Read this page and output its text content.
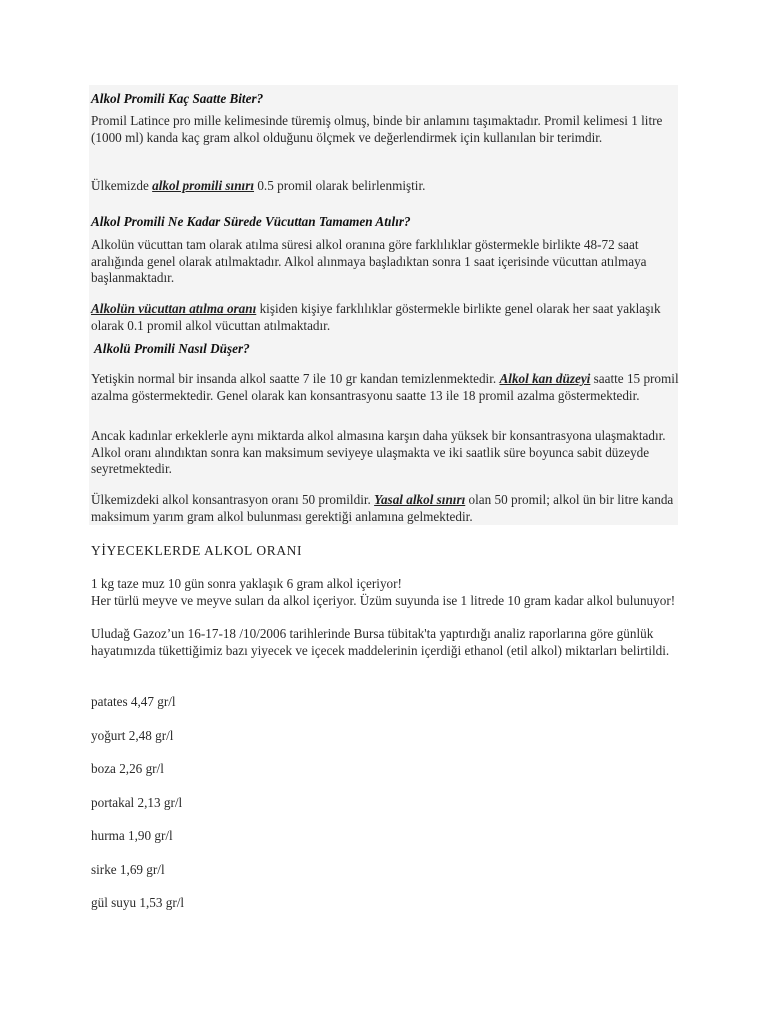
Alkol Promili Kaç Saatte Biter?

Promil Latince pro mille kelimesinde türemiş olmuş, binde bir anlamını taşımaktadır. Promil kelimesi 1 litre (1000 ml) kanda kaç gram alkol olduğunu ölçmek ve değerlendirmek için kullanılan bir terimdir.

Ülkemizde alkol promili sınırı 0.5 promil olarak belirlenmiştir.

Alkol Promili Ne Kadar Sürede Vücuttan Tamamen Atılır?

Alkolün vücuttan tam olarak atılma süresi alkol oranına göre farklılıklar göstermekle birlikte 48-72 saat aralığında genel olarak atılmaktadır. Alkol alınmaya başladıktan sonra 1 saat içerisinde vücuttan atılmaya başlanmaktadır.

Alkolün vücuttan atılma oranı kişiden kişiye farklılıklar göstermekle birlikte genel olarak her saat yaklaşık olarak 0.1 promil alkol vücuttan atılmaktadır.

Alkolü Promili Nasıl Düşer?

Yetişkin normal bir insanda alkol saatte 7 ile 10 gr kandan temizlenmektedir. Alkol kan düzeyi saatte 15 promil azalma göstermektedir. Genel olarak kan konsantrasyonu saatte 13 ile 18 promil azalma göstermektedir.

Ancak kadınlar erkeklerle aynı miktarda alkol almasına karşın daha yüksek bir konsantrasyona ulaşmaktadır. Alkol oranı alındıktan sonra kan maksimum seviyeye ulaşmakta ve iki saatlik süre boyunca sabit düzeyde seyretmektedir.

Ülkemizdeki alkol konsantrasyon oranı 50 promildir. Yasal alkol sınırı olan 50 promil; alkol ün bir litre kanda maksimum yarım gram alkol bulunması gerektiği anlamına gelmektedir.

YİYECEKLERDE ALKOL ORANI

1 kg taze muz 10 gün sonra yaklaşık 6 gram alkol içeriyor!

Her türlü meyve ve meyve suları da alkol içeriyor. Üzüm suyunda ise 1 litrede 10 gram kadar alkol bulunuyor!

Uludağ Gazoz’un 16-17-18 /10/2006 tarihlerinde Bursa tübitak'ta yaptırdığı analiz raporlarına göre günlük hayatımızda tükettiğimiz bazı yiyecek ve içecek maddelerinin içerdiği ethanol (etil alkol) miktarları belirtildi.

patates 4,47 gr/l

yoğurt 2,48 gr/l

boza 2,26 gr/l

portakal 2,13 gr/l

hurma 1,90 gr/l

sirke 1,69 gr/l

gül suyu 1,53 gr/l
